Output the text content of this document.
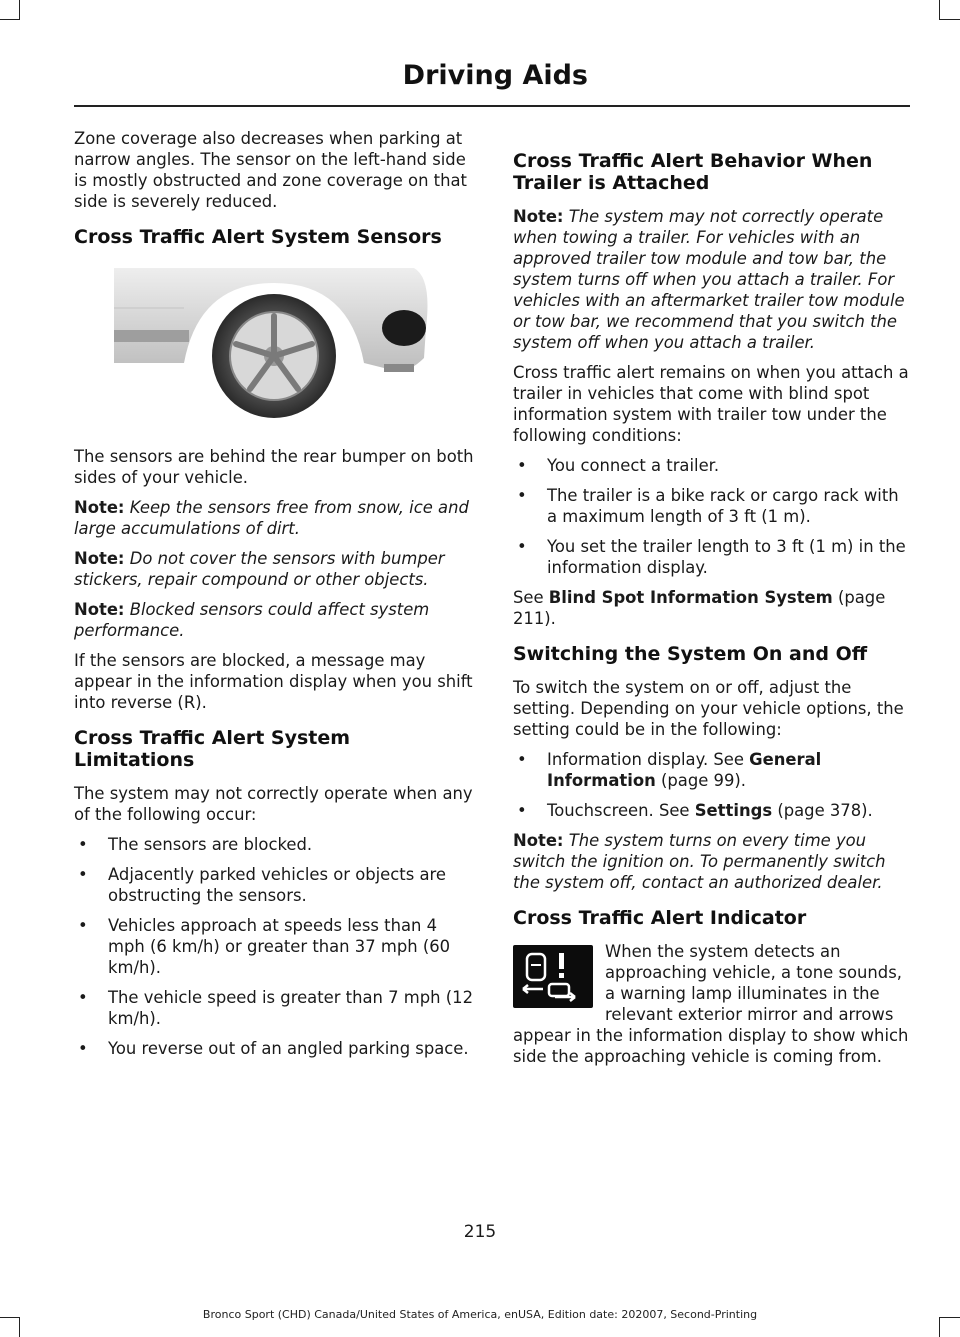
Driving Aids

Zone coverage also decreases when parking at narrow angles. The sensor on the left-hand side is mostly obstructed and zone coverage on that side is severely reduced.

Cross Traffic Alert System Sensors

The sensors are behind the rear bumper on both sides of your vehicle.

Note: Keep the sensors free from snow, ice and large accumulations of dirt.

Note: Do not cover the sensors with bumper stickers, repair compound or other objects.

Note: Blocked sensors could affect system performance.

If the sensors are blocked, a message may appear in the information display when you shift into reverse (R).

Cross Traffic Alert System Limitations

The system may not correctly operate when any of the following occur:

• The sensors are blocked.
• Adjacently parked vehicles or objects are obstructing the sensors.
• Vehicles approach at speeds less than 4 mph (6 km/h) or greater than 37 mph (60 km/h).
• The vehicle speed is greater than 7 mph (12 km/h).
• You reverse out of an angled parking space.
Cross Traffic Alert Behavior When Trailer is Attached

Note: The system may not correctly operate when towing a trailer. For vehicles with an approved trailer tow module and tow bar, the system turns off when you attach a trailer. For vehicles with an aftermarket trailer tow module or tow bar, we recommend that you switch the system off when you attach a trailer.

Cross traffic alert remains on when you attach a trailer in vehicles that come with blind spot information system with trailer tow under the following conditions:

• You connect a trailer.
• The trailer is a bike rack or cargo rack with a maximum length of 3 ft (1 m).
• You set the trailer length to 3 ft (1 m) in the information display.

See Blind Spot Information System (page 211).

Switching the System On and Off

To switch the system on or off, adjust the setting. Depending on your vehicle options, the setting could be in the following:

• Information display. See General Information (page 99).
• Touchscreen. See Settings (page 378).

Note: The system turns on every time you switch the ignition on. To permanently switch the system off, contact an authorized dealer.

Cross Traffic Alert Indicator

When the system detects an approaching vehicle, a tone sounds, a warning lamp illuminates in the relevant exterior mirror and arrows appear in the information display to show which side the approaching vehicle is coming from.

215
Bronco Sport (CHD) Canada/United States of America, enUSA, Edition date: 202007, Second-Printing
